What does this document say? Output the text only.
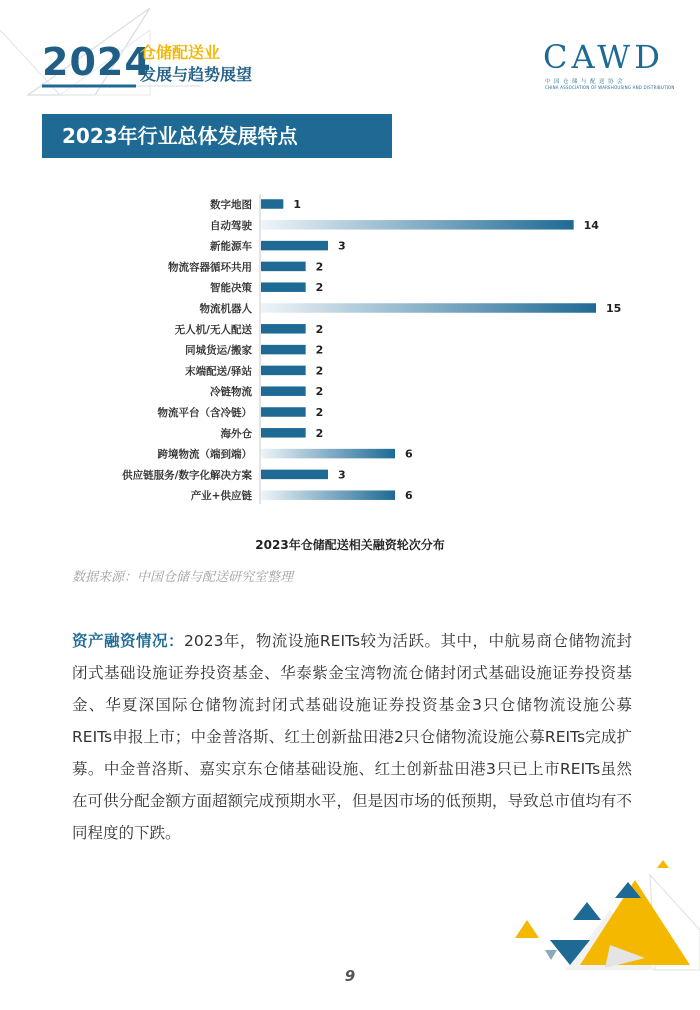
2024
仓储配送业
发展与趋势展望	CAWD
中国仓储与配送协会
CHINA ASSOCIATION OF WAREHOUSING AND DISTRIBUTION
2023年行业总体发展特点
数字地图	1
自动驾驶	14
新能源车	3
物流容器循环共用	2
智能决策	2
物流机器人	15
无人机/无人配送	2
同城货运/搬家	2
末端配送/驿站	2
冷链物流	2
物流平台（含冷链）	2
海外仓	2
跨境物流（端到端）	6
供应链服务/数字化解决方案	3
产业+供应链	6
2023年仓储配送相关融资轮次分布
数据来源：中国仓储与配送研究室整理
资产融资情况：2023年，物流设施REITs较为活跃。其中，中航易商仓储物流封闭式基础设施证券投资基金、华泰紫金宝湾物流仓储封闭式基础设施证券投资基金、华夏深国际仓储物流封闭式基础设施证券投资基金3只仓储物流设施公募REITs申报上市；中金普洛斯、红土创新盐田港2只仓储物流设施公募REITs完成扩募。中金普洛斯、嘉实京东仓储基础设施、红土创新盐田港3只已上市REITs虽然在可供分配金额方面超额完成预期水平，但是因市场的低预期，导致总市值均有不同程度的下跌。
9
